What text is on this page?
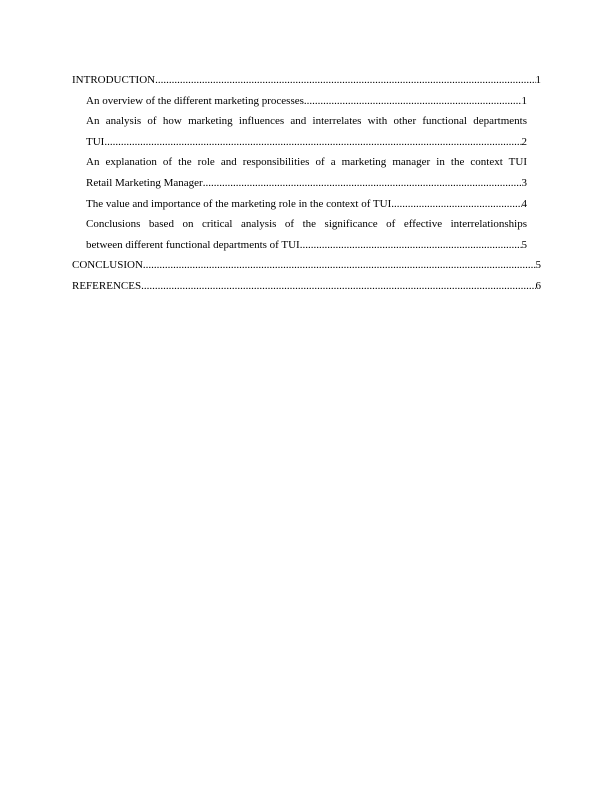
INTRODUCTION .....	1
An overview of the different marketing processes .....	1
An analysis of how marketing influences and interrelates with other functional departments
TUI .....	2
An explanation of the role and responsibilities of a marketing manager in the context TUI
Retail Marketing Manager .....	3
The value and importance of the marketing role in the context of TUI .....	4
Conclusions based on critical analysis of the significance of effective interrelationships
between different functional departments of TUI .....	5
CONCLUSION .....	5
REFERENCES .....	6
